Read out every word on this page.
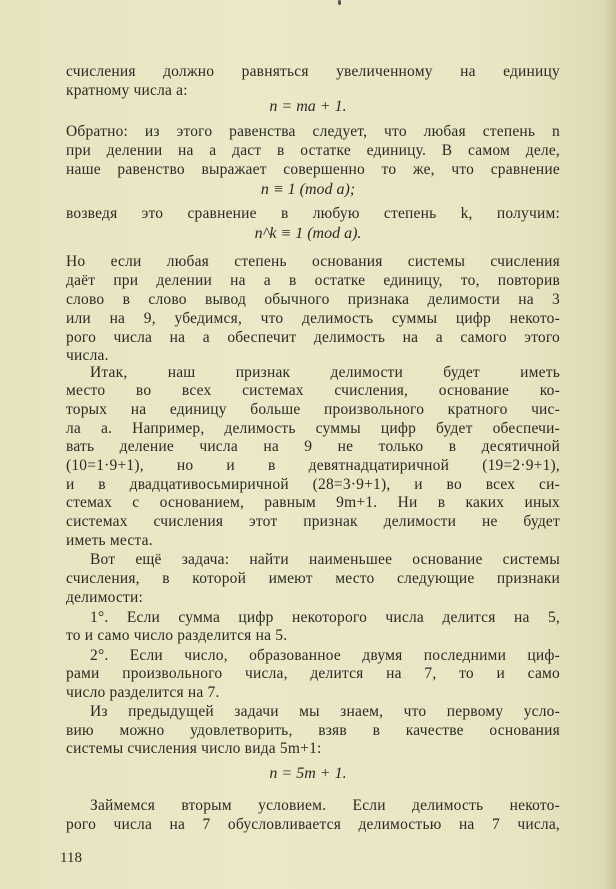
счисления должно равняться увеличенному на единицу
кратному числа a:
n = ma + 1.
Обратно: из этого равенства следует, что любая степень n
при делении на a даст в остатке единицу. В самом деле,
наше равенство выражает совершенно то же, что сравнение
n ≡ 1 (mod a);
возведя это сравнение в любую степень k, получим:
n^k ≡ 1 (mod a).
Но если любая степень основания системы счисления
даёт при делении на a в остатке единицу, то, повторив
слово в слово вывод обычного признака делимости на 3
или на 9, убедимся, что делимость суммы цифр некото-
рого числа на a обеспечит делимость на a самого этого
числа.
Итак, наш признак делимости будет иметь
место во всех системах счисления, основание ко-
торых на единицу больше произвольного кратного чис-
ла a. Например, делимость суммы цифр будет обеспечи-
вать деление числа на 9 не только в десятичной
(10=1·9+1), но и в девятнадцатиричной (19=2·9+1),
и в двадцативосьмиричной (28=3·9+1), и во всех си-
стемах с основанием, равным 9m+1. Ни в каких иных
системах счисления этот признак делимости не будет
иметь места.
Вот ещё задача: найти наименьшее основание системы
счисления, в которой имеют место следующие признаки
делимости:
1°. Если сумма цифр некоторого числа делится на 5,
то и само число разделится на 5.
2°. Если число, образованное двумя последними циф-
рами произвольного числа, делится на 7, то и само
число разделится на 7.
Из предыдущей задачи мы знаем, что первому усло-
вию можно удовлетворить, взяв в качестве основания
системы счисления число вида 5m+1:
n = 5m + 1.
Займемся вторым условием. Если делимость некото-
рого числа на 7 обусловливается делимостью на 7 числа,
118
